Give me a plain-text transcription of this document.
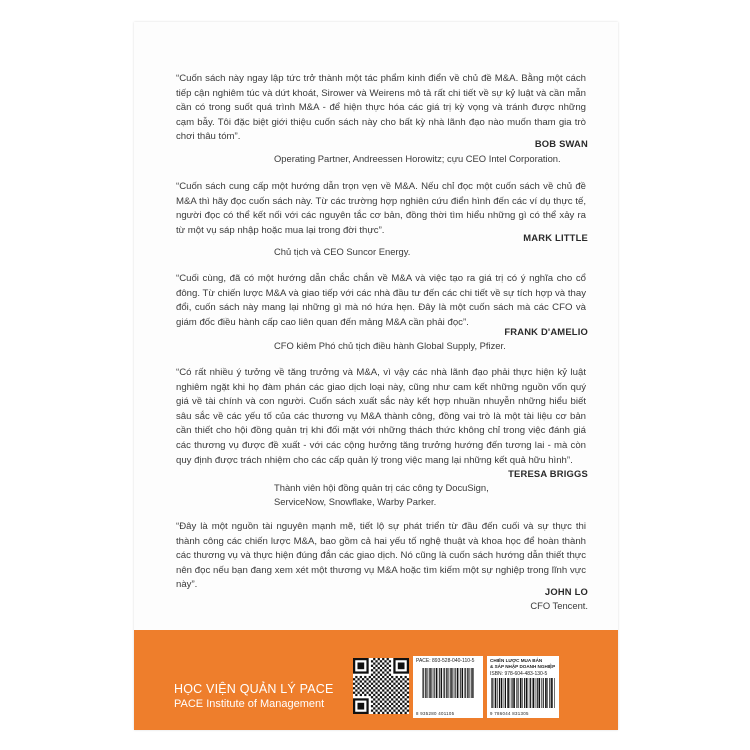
“Cuốn sách này ngay lập tức trở thành một tác phẩm kinh điển về chủ đề M&A. Bằng một cách tiếp cận nghiêm túc và dứt khoát, Sirower và Weirens mô tả rất chi tiết về sự kỷ luật và cần mẫn cần có trong suốt quá trình M&A - để hiện thực hóa các giá trị kỳ vọng và tránh được những cạm bẫy. Tôi đặc biệt giới thiệu cuốn sách này cho bất kỳ nhà lãnh đạo nào muốn tham gia trò chơi thâu tóm”.

BOB SWAN
Operating Partner, Andreessen Horowitz; cựu CEO Intel Corporation.

“Cuốn sách cung cấp một hướng dẫn trọn vẹn về M&A. Nếu chỉ đọc một cuốn sách về chủ đề M&A thì hãy đọc cuốn sách này. Từ các trường hợp nghiên cứu điển hình đến các ví dụ thực tế, người đọc có thể kết nối với các nguyên tắc cơ bản, đồng thời tìm hiểu những gì có thể xảy ra từ một vụ sáp nhập hoặc mua lại trong đời thực”.

MARK LITTLE
Chủ tịch và CEO Suncor Energy.

“Cuối cùng, đã có một hướng dẫn chắc chắn về M&A và việc tạo ra giá trị có ý nghĩa cho cổ đông. Từ chiến lược M&A và giao tiếp với các nhà đầu tư đến các chi tiết về sự tích hợp và thay đổi, cuốn sách này mang lại những gì mà nó hứa hẹn. Đây là một cuốn sách mà các CFO và giám đốc điều hành cấp cao liên quan đến mảng M&A cần phải đọc”.

FRANK D'AMELIO
CFO kiêm Phó chủ tịch điều hành Global Supply, Pfizer.

“Có rất nhiều ý tưởng về tăng trưởng và M&A, vì vậy các nhà lãnh đạo phải thực hiện kỷ luật nghiêm ngặt khi họ đàm phán các giao dịch loại này, cũng như cam kết những nguồn vốn quý giá về tài chính và con người. Cuốn sách xuất sắc này kết hợp nhuần nhuyễn những hiểu biết sâu sắc về các yếu tố của các thương vụ M&A thành công, đồng vai trò là một tài liệu cơ bản cần thiết cho hội đồng quản trị khi đối mặt với những thách thức không chỉ trong việc đánh giá các thương vụ được đề xuất - với các cộng hưởng tăng trưởng hướng đến tương lai - mà còn quy định được trách nhiệm cho các cấp quản lý trong việc mang lại những kết quả hữu hình”.

TERESA BRIGGS
Thành viên hội đồng quản trị các công ty DocuSign, ServiceNow, Snowflake, Warby Parker.

“Đây là một nguồn tài nguyên mạnh mẽ, tiết lộ sự phát triển từ đầu đến cuối và sự thực thi thành công các chiến lược M&A, bao gồm cả hai yếu tố nghệ thuật và khoa học để hoàn thành các thương vụ và thực hiện đúng đắn các giao dịch. Nó cũng là cuốn sách hướng dẫn thiết thực nên đọc nếu bạn đang xem xét một thương vụ M&A hoặc tìm kiếm một sự nghiệp trong lĩnh vực này”.

JOHN LO
CFO Tencent.
HỌC VIỆN QUẢN LÝ PACE
PACE Institute of Management
PACE: 893-528-040-110-5
8 935280 401105
CHIẾN LƯỢC MUA BÁN
& SÁP NHẬP DOANH NGHIỆP
ISBN: 978-604-483-130-5
9 786044 831305
